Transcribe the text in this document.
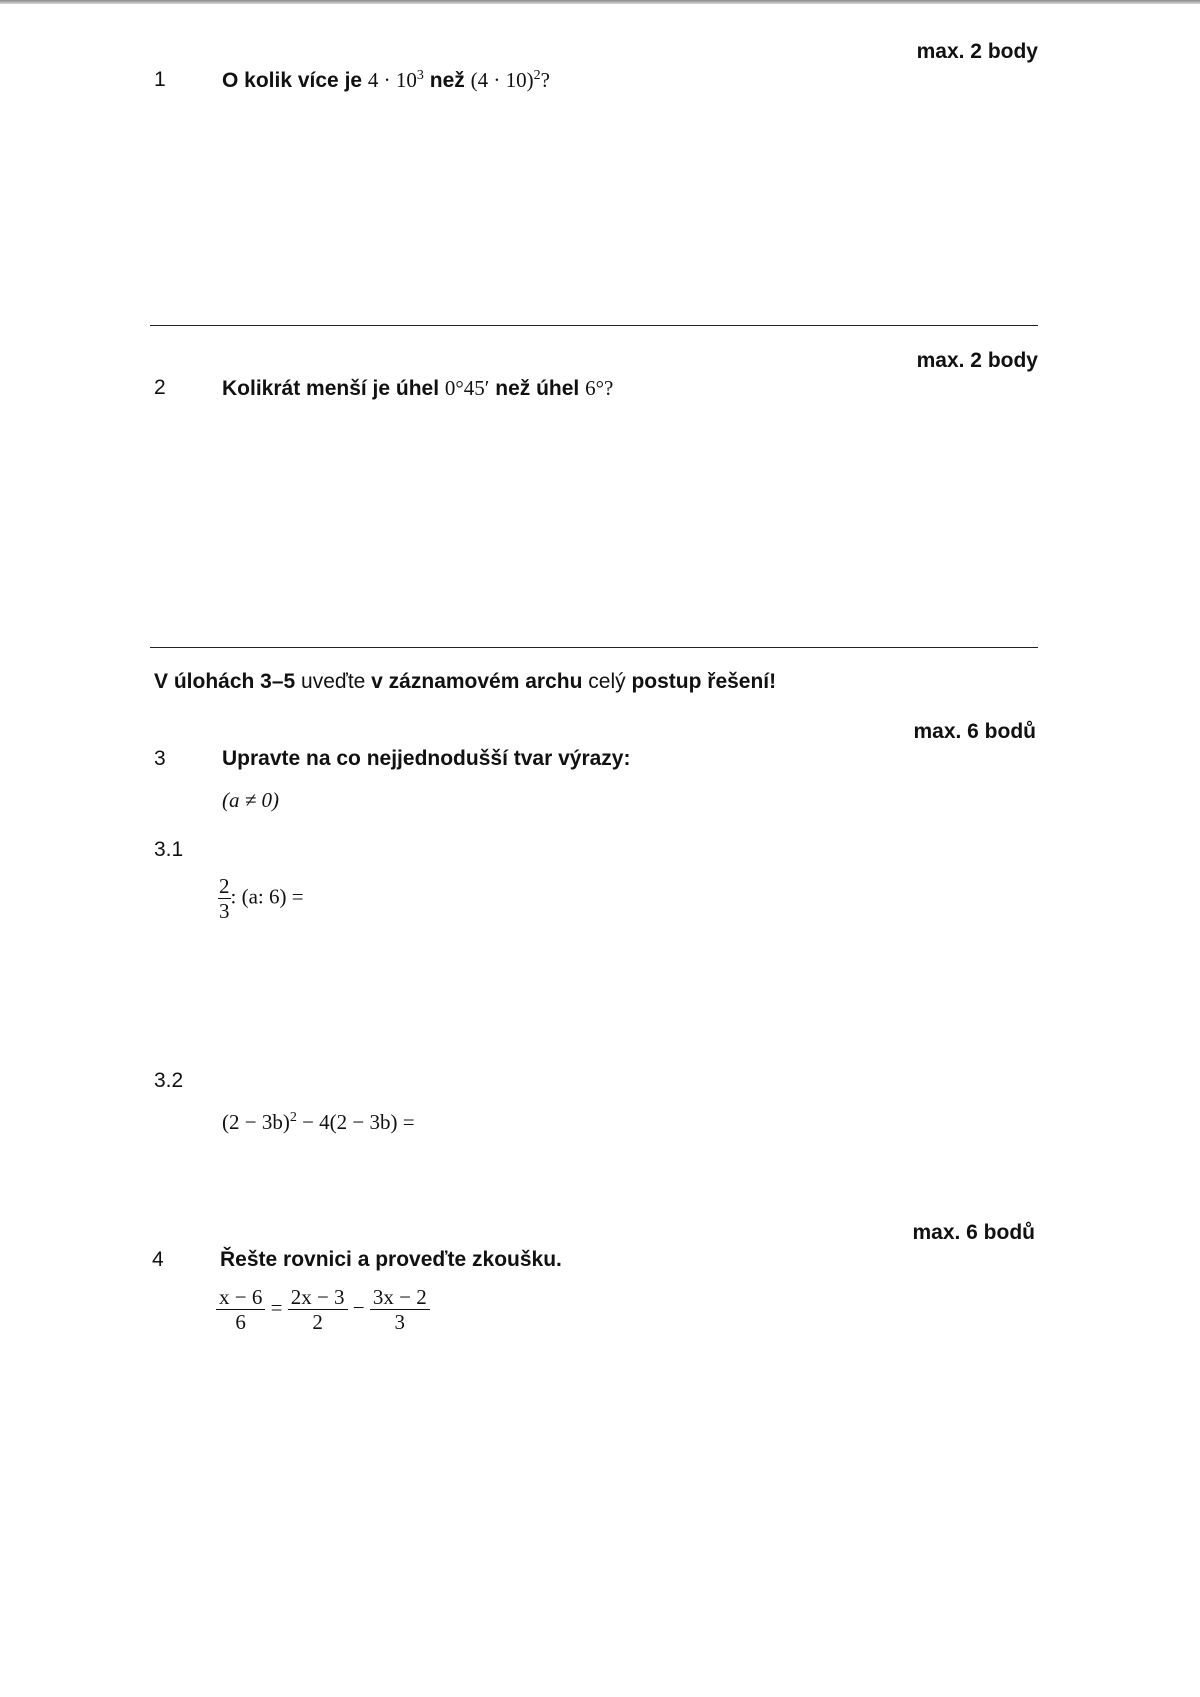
max. 2 body
1	O kolik více je $4 \cdot 10^3$ než $(4 \cdot 10)^2$?
max. 2 body
2	Kolikrát menší je úhel 0°45′ než úhel 6°?
V úlohách 3–5 uveďte v záznamovém archu celý postup řešení!
max. 6 bodů
3	Upravte na co nejjednodušší tvar výrazy:
(a ≠ 0)
3.1
$\frac{2}{3}$ : (a: 6) =
3.2
$(2 - 3b)^2 - 4(2 - 3b)$ =
max. 6 bodů
4	Řešte rovnici a proveďte zkoušku.
$\frac{x - 6}{6} = \frac{2x - 3}{2} - \frac{3x - 2}{3}$
